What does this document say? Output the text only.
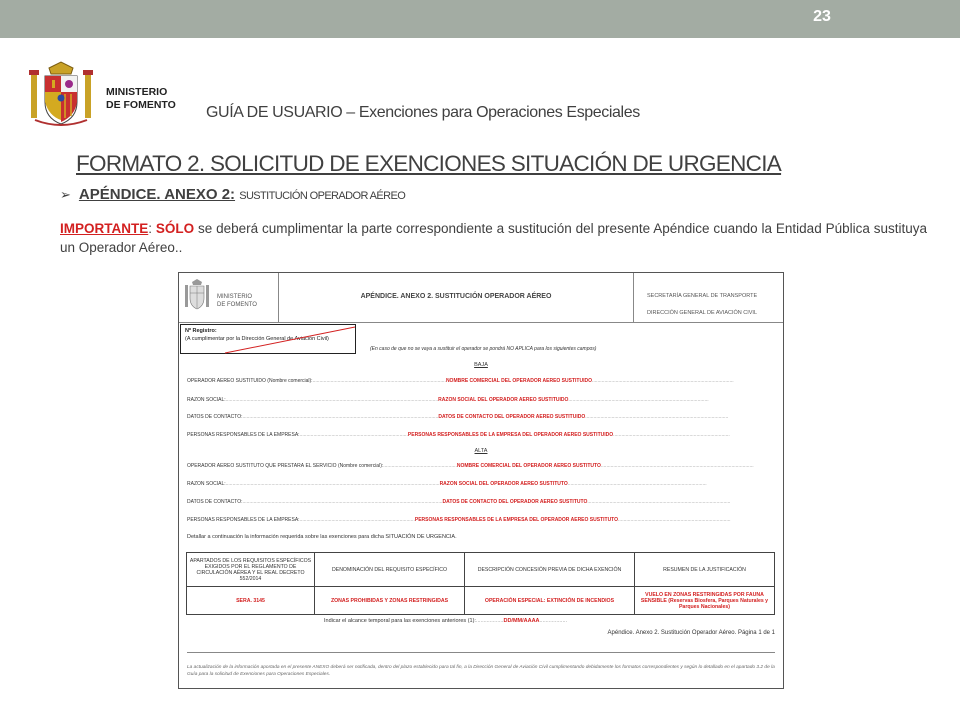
23
MINISTERIO
DE FOMENTO GUÍA DE USUARIO – Exenciones para Operaciones Especiales
FORMATO 2. SOLICITUD DE EXENCIONES SITUACIÓN DE URGENCIA
➢ APÉNDICE. ANEXO 2: SUSTITUCIÓN OPERADOR AÉREO
IMPORTANTE: SÓLO se deberá cumplimentar la parte correspondiente a sustitución del presente Apéndice cuando la Entidad Pública sustituya un Operador Aéreo..
MINISTERIO
DE FOMENTO
APÉNDICE. ANEXO 2. SUSTITUCIÓN OPERADOR AÉREO	SECRETARÍA GENERAL DE TRANSPORTE
DIRECCIÓN GENERAL DE AVIACIÓN CIVIL
Nº Registro:
(A cumplimentar por la Dirección General de Aviación Civil)
(En caso de que no se vaya a sustituir el operador se pondrá NO APLICA para los siguientes campos)
BAJA
OPERADOR AÉREO SUSTITUIDO (Nombre comercial):................................................................................................NOMBRE COMERCIAL DEL OPERADOR AÉREO SUSTITUIDO......................................................................................................
RAZÓN SOCIAL:.........................................................................................................................................................RAZÓN SOCIAL DEL OPERADOR AÉREO SUSTITUIDO.....................................................................................................
DATOS DE CONTACTO:.............................................................................................................................................DATOS DE CONTACTO DEL OPERADOR AÉREO SUSTITUIDO.......................................................................................................
PERSONAS RESPONSABLES DE LA EMPRESA:..............................................................................PERSONAS RESPONSABLES DE LA EMPRESA DEL OPERADOR AÉREO SUSTITUIDO....................................................................................
ALTA
OPERADOR AÉREO SUSTITUTO QUE PRESTARÁ EL SERVICIO (Nombre comercial):.....................................................NOMBRE COMERCIAL DEL OPERADOR AÉREO SUSTITUTO..............................................................................................................
RAZÓN SOCIAL:..........................................................................................................................................................RAZÓN SOCIAL DEL OPERADOR AÉREO SUSTITUTO....................................................................................................
DATOS DE CONTACTO:................................................................................................................................................DATOS DE CONTACTO DEL OPERADOR AÉREO SUSTITUTO.......................................................................................................
PERSONAS RESPONSABLES DE LA EMPRESA:...................................................................................PERSONAS RESPONSABLES DE LA EMPRESA DEL OPERADOR AÉREO SUSTITUTO.................................................................................
Detallar a continuación la información requerida sobre las exenciones para dicha SITUACIÓN DE URGENCIA.
APARTADOS DE LOS REQUISITOS ESPECÍFICOS EXIGIDOS POR EL REGLAMENTO DE CIRCULACIÓN AÉREA Y EL REAL DECRETO 552/2014	DENOMINACIÓN DEL REQUISITO ESPECÍFICO	DESCRIPCIÓN CONCESIÓN PREVIA DE DICHA EXENCIÓN	RESUMEN DE LA JUSTIFICACIÓN
SERA. 3145	ZONAS PROHIBIDAS Y ZONAS RESTRINGIDAS	OPERACIÓN ESPECIAL: EXTINCIÓN DE INCENDIOS	VUELO EN ZONAS RESTRINGIDAS POR FAUNA SENSIBLE (Reservas Biosfera, Parques Naturales y Parques Nacionales)
Indicar el alcance temporal para las exenciones anteriores (1):..................DD/MM/AAAA..................
Apéndice. Anexo 2. Sustitución Operador Aéreo. Página 1 de 1
La actualización de la información aportada en el presente ANEXO deberá ser notificada, dentro del plazo establecido para tal fin, a la Dirección General de Aviación Civil cumplimentando debidamente los formatos correspondientes y según lo detallado en el apartado 3.2 de la Guía para la solicitud de Exenciones para Operaciones Especiales.
